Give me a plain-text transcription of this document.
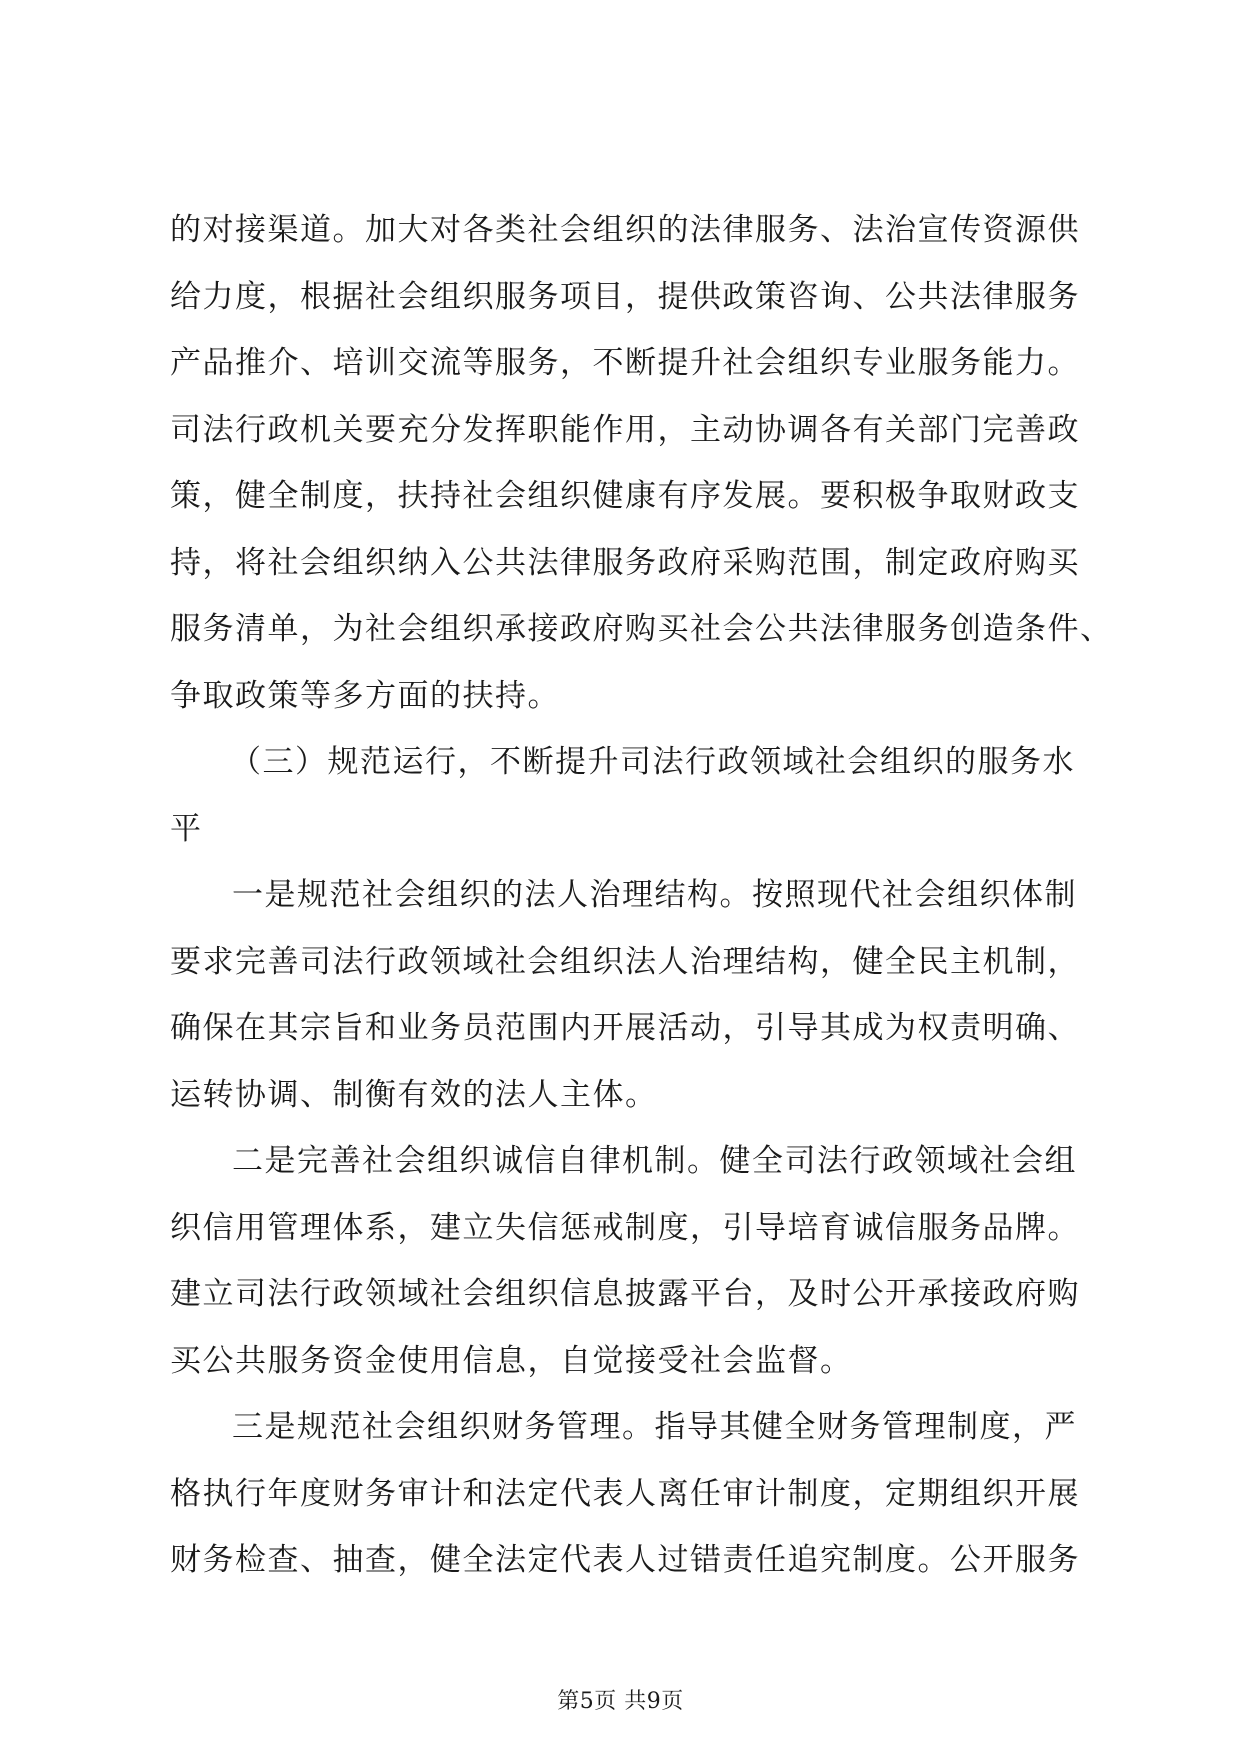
的对接渠道。加大对各类社会组织的法律服务、法治宣传资源供
给力度，根据社会组织服务项目，提供政策咨询、公共法律服务
产品推介、培训交流等服务，不断提升社会组织专业服务能力。
司法行政机关要充分发挥职能作用，主动协调各有关部门完善政
策，健全制度，扶持社会组织健康有序发展。要积极争取财政支
持，将社会组织纳入公共法律服务政府采购范围，制定政府购买
服务清单，为社会组织承接政府购买社会公共法律服务创造条件、
争取政策等多方面的扶持。
（三）规范运行，不断提升司法行政领域社会组织的服务水
平
一是规范社会组织的法人治理结构。按照现代社会组织体制
要求完善司法行政领域社会组织法人治理结构，健全民主机制，
确保在其宗旨和业务员范围内开展活动，引导其成为权责明确、
运转协调、制衡有效的法人主体。
二是完善社会组织诚信自律机制。健全司法行政领域社会组
织信用管理体系，建立失信惩戒制度，引导培育诚信服务品牌。
建立司法行政领域社会组织信息披露平台，及时公开承接政府购
买公共服务资金使用信息，自觉接受社会监督。
三是规范社会组织财务管理。指导其健全财务管理制度，严
格执行年度财务审计和法定代表人离任审计制度，定期组织开展
财务检查、抽查，健全法定代表人过错责任追究制度。公开服务
第5页 共9页
